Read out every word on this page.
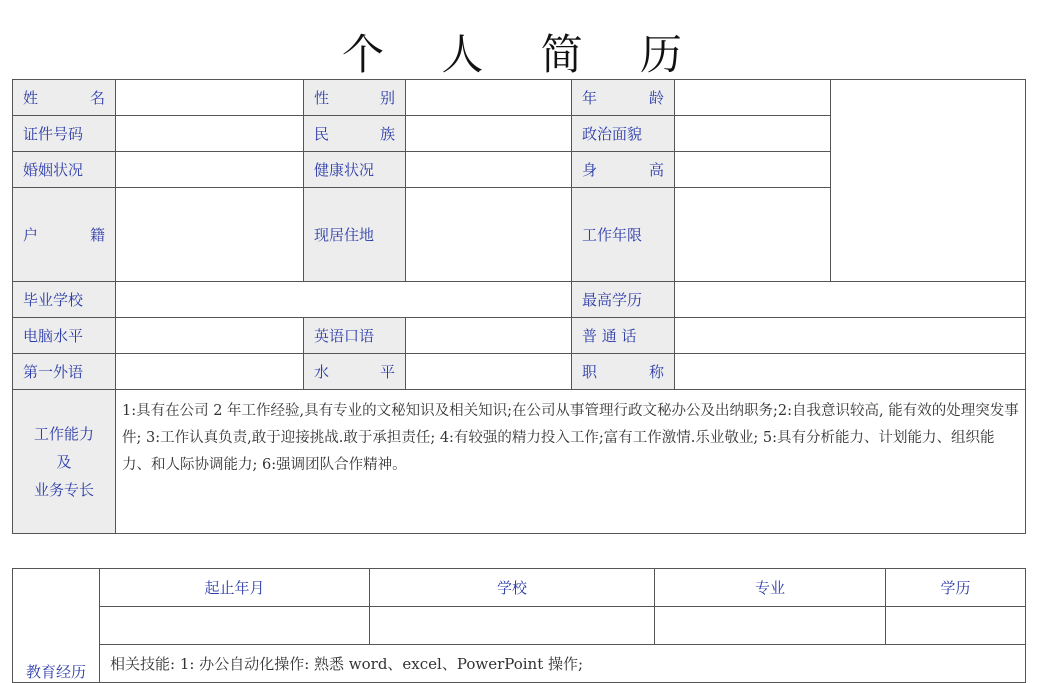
个 人 简 历
姓 名		性 别		年 龄		

证件号码		民 族		政治面貌		
婚姻状况		健康状况		身 高		

户 籍		现居住地		工作年限		
毕业学校				最高学历		
电脑水平		英语口语		普 通 话		
第一外语		水 平		职 称		

工作能力
及
业务专长	1:具有在公司 2 年工作经验,具有专业的文秘知识及相关知识;在公司从事管理行政文秘办公及出纳职务;2:自我意识较高, 能有效的处理突发事件; 3:工作认真负责,敢于迎接挑战.敢于承担责任; 4:有较强的精力投入工作;富有工作激情.乐业敬业; 5:具有分析能力、计划能力、组织能力、和人际协调能力; 6:强调团队合作精神。					
教育经历	起止年月	学校	专业	学历

	相关技能: 1: 办公自动化操作: 熟悉 word、excel、PowerPoint 操作;			
